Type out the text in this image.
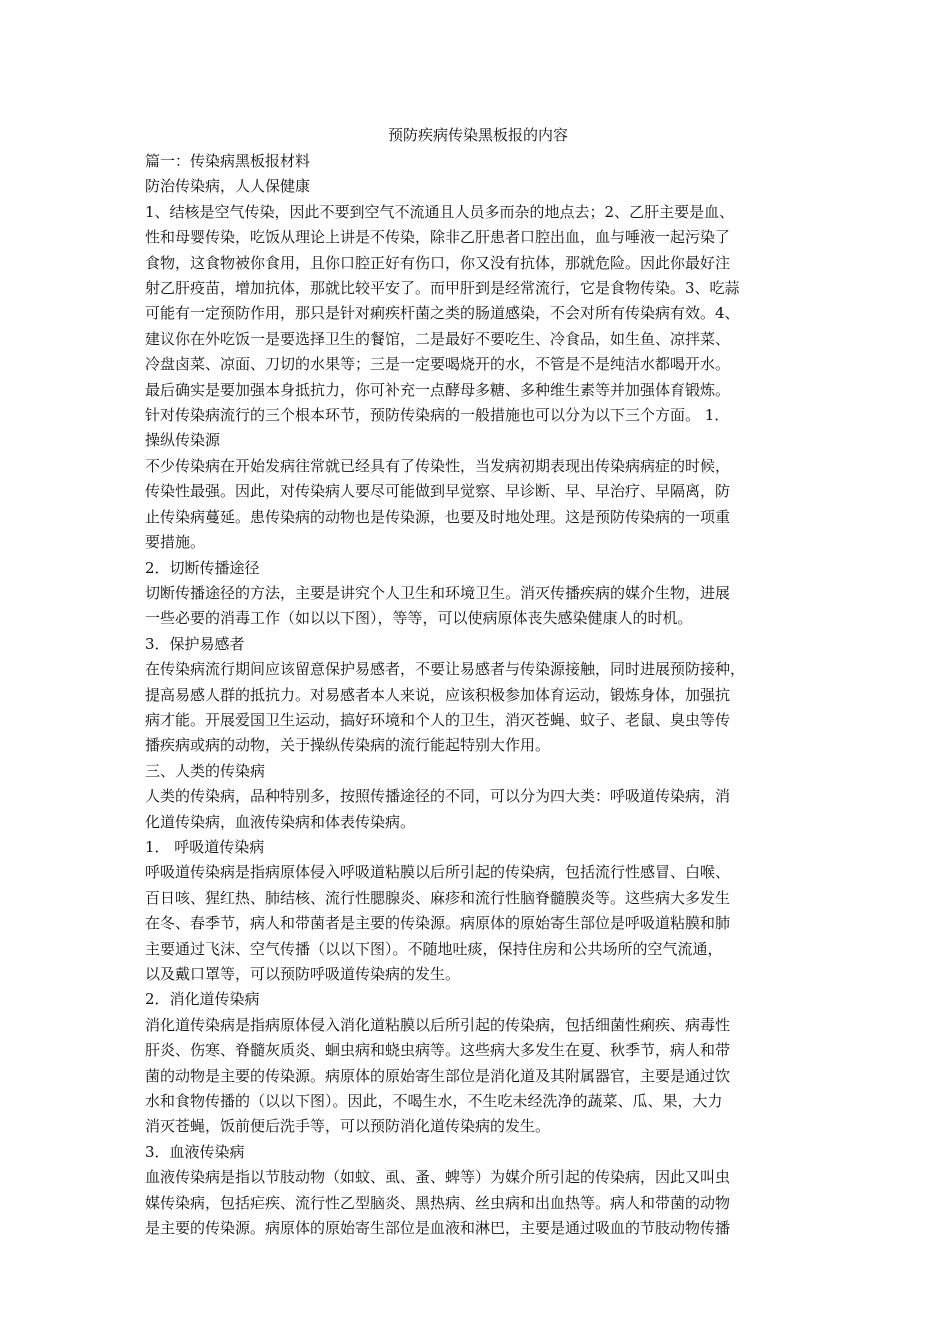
预防疾病传染黑板报的内容
篇一：传染病黑板报材料
防治传染病，人人保健康
1、结核是空气传染，因此不要到空气不流通且人员多而杂的地点去；2、乙肝主要是血、
性和母婴传染，吃饭从理论上讲是不传染，除非乙肝患者口腔出血，血与唾液一起污染了
食物，这食物被你食用，且你口腔正好有伤口，你又没有抗体，那就危险。因此你最好注
射乙肝疫苗，增加抗体，那就比较平安了。而甲肝到是经常流行，它是食物传染。3、吃蒜
可能有一定预防作用，那只是针对痢疾杆菌之类的肠道感染，不会对所有传染病有效。4、
建议你在外吃饭一是要选择卫生的餐馆，二是最好不要吃生、冷食品，如生鱼、凉拌菜、
冷盘卤菜、凉面、刀切的水果等；三是一定要喝烧开的水，不管是不是纯洁水都喝开水。
最后确实是要加强本身抵抗力，你可补充一点酵母多糖、多种维生素等并加强体育锻炼。
针对传染病流行的三个根本环节，预防传染病的一般措施也可以分为以下三个方面。 1．
操纵传染源
不少传染病在开始发病往常就已经具有了传染性，当发病初期表现出传染病病症的时候，
传染性最强。因此，对传染病人要尽可能做到早觉察、早诊断、早、早治疗、早隔离，防
止传染病蔓延。患传染病的动物也是传染源，也要及时地处理。这是预防传染病的一项重
要措施。
2．切断传播途径
切断传播途径的方法，主要是讲究个人卫生和环境卫生。消灭传播疾病的媒介生物，进展
一些必要的消毒工作（如以以下图），等等，可以使病原体丧失感染健康人的时机。
3．保护易感者
在传染病流行期间应该留意保护易感者，不要让易感者与传染源接触，同时进展预防接种，
提高易感人群的抵抗力。对易感者本人来说，应该积极参加体育运动，锻炼身体，加强抗
病才能。开展爱国卫生运动，搞好环境和个人的卫生，消灭苍蝇、蚊子、老鼠、臭虫等传
播疾病或病的动物，关于操纵传染病的流行能起特别大作用。
三、人类的传染病
人类的传染病，品种特别多，按照传播途径的不同，可以分为四大类：呼吸道传染病，消
化道传染病，血液传染病和体表传染病。
1． 呼吸道传染病
呼吸道传染病是指病原体侵入呼吸道粘膜以后所引起的传染病，包括流行性感冒、白喉、
百日咳、猩红热、肺结核、流行性腮腺炎、麻疹和流行性脑脊髓膜炎等。这些病大多发生
在冬、春季节，病人和带菌者是主要的传染源。病原体的原始寄生部位是呼吸道粘膜和肺
主要通过飞沫、空气传播（以以下图）。不随地吐痰，保持住房和公共场所的空气流通，
以及戴口罩等，可以预防呼吸道传染病的发生。
2．消化道传染病
消化道传染病是指病原体侵入消化道粘膜以后所引起的传染病，包括细菌性痢疾、病毒性
肝炎、伤寒、脊髓灰质炎、蛔虫病和蛲虫病等。这些病大多发生在夏、秋季节，病人和带
菌的动物是主要的传染源。病原体的原始寄生部位是消化道及其附属器官，主要是通过饮
水和食物传播的（以以下图）。因此，不喝生水，不生吃未经洗净的蔬菜、瓜、果，大力
消灭苍蝇，饭前便后洗手等，可以预防消化道传染病的发生。
3．血液传染病
血液传染病是指以节肢动物（如蚊、虱、蚤、蜱等）为媒介所引起的传染病，因此又叫虫
媒传染病，包括疟疾、流行性乙型脑炎、黑热病、丝虫病和出血热等。病人和带菌的动物
是主要的传染源。病原体的原始寄生部位是血液和淋巴，主要是通过吸血的节肢动物传播
